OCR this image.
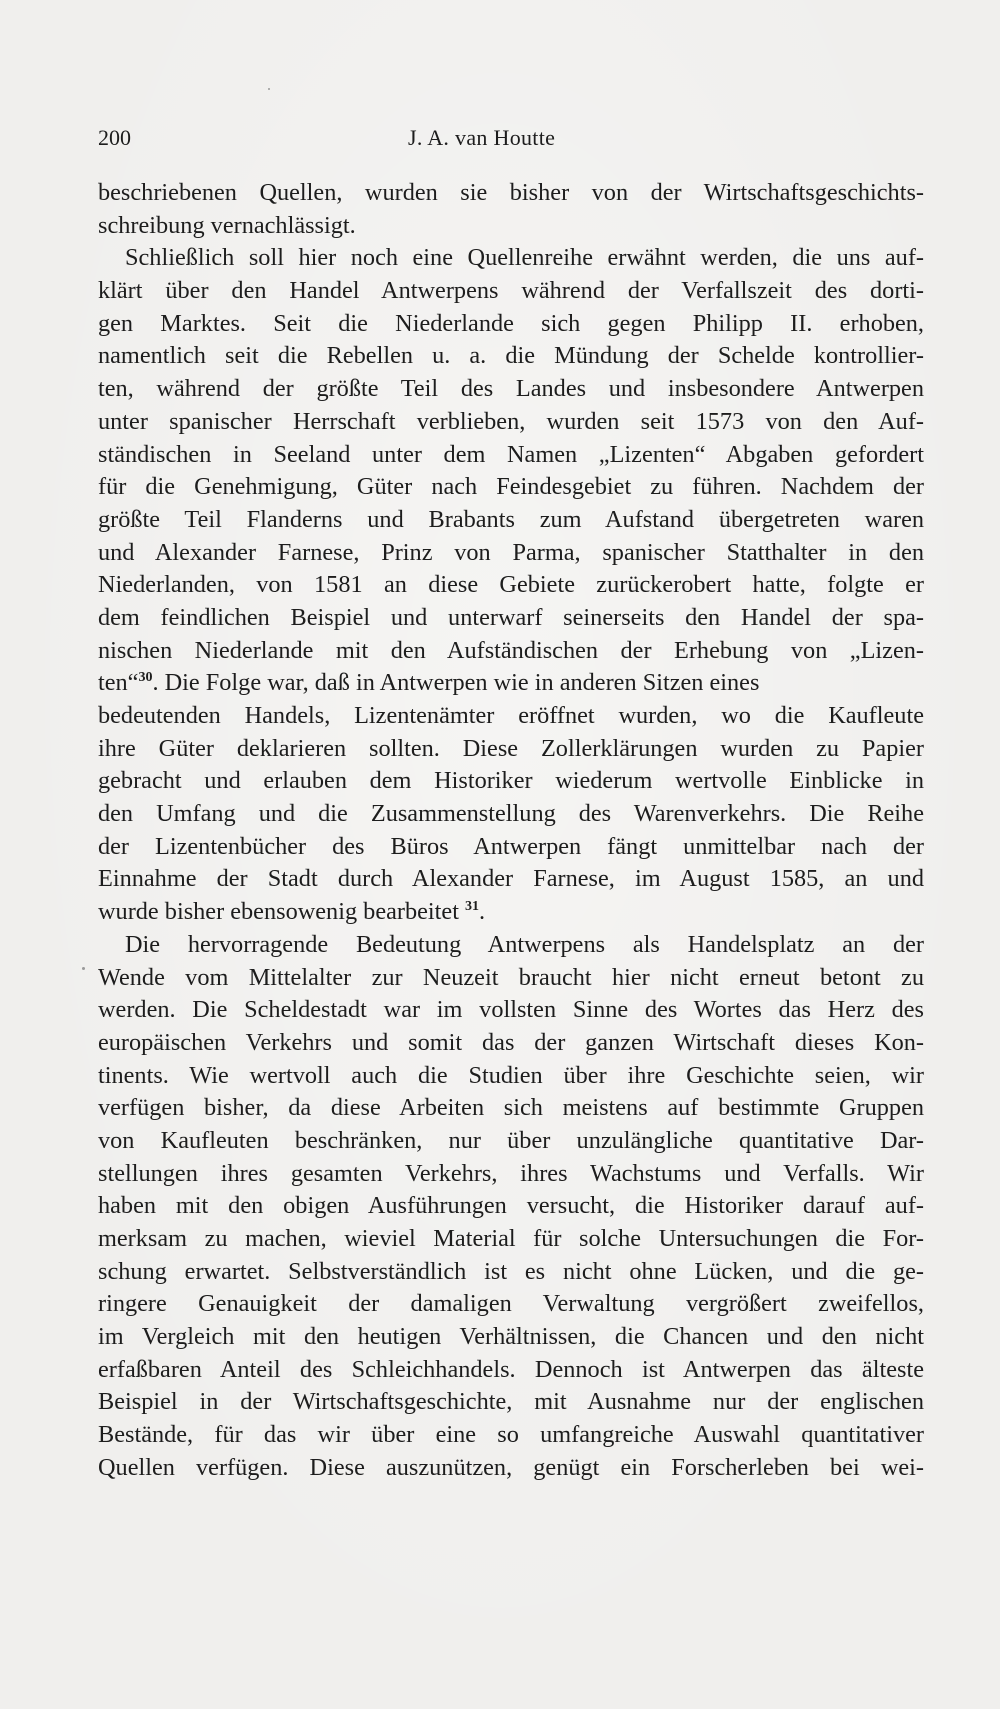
200	J. A. van Houtte
beschriebenen Quellen, wurden sie bisher von der Wirtschaftsgeschichts-
schreibung vernachlässigt.
Schließlich soll hier noch eine Quellenreihe erwähnt werden, die uns auf-
klärt über den Handel Antwerpens während der Verfallszeit des dorti-
gen Marktes. Seit die Niederlande sich gegen Philipp II. erhoben,
namentlich seit die Rebellen u. a. die Mündung der Schelde kontrollier-
ten, während der größte Teil des Landes und insbesondere Antwerpen
unter spanischer Herrschaft verblieben, wurden seit 1573 von den Auf-
ständischen in Seeland unter dem Namen „Lizenten“ Abgaben gefordert
für die Genehmigung, Güter nach Feindesgebiet zu führen. Nachdem der
größte Teil Flanderns und Brabants zum Aufstand übergetreten waren
und Alexander Farnese, Prinz von Parma, spanischer Statthalter in den
Niederlanden, von 1581 an diese Gebiete zurückerobert hatte, folgte er
dem feindlichen Beispiel und unterwarf seinerseits den Handel der spa-
nischen Niederlande mit den Aufständischen der Erhebung von „Lizen-
ten“$^{30}$. Die Folge war, daß in Antwerpen wie in anderen Sitzen eines
bedeutenden Handels, Lizentenämter eröffnet wurden, wo die Kaufleute
ihre Güter deklarieren sollten. Diese Zollerklärungen wurden zu Papier
gebracht und erlauben dem Historiker wiederum wertvolle Einblicke in
den Umfang und die Zusammenstellung des Warenverkehrs. Die Reihe
der Lizentenbücher des Büros Antwerpen fängt unmittelbar nach der
Einnahme der Stadt durch Alexander Farnese, im August 1585, an und
wurde bisher ebensowenig bearbeitet $^{31}$.
Die hervorragende Bedeutung Antwerpens als Handelsplatz an der
Wende vom Mittelalter zur Neuzeit braucht hier nicht erneut betont zu
werden. Die Scheldestadt war im vollsten Sinne des Wortes das Herz des
europäischen Verkehrs und somit das der ganzen Wirtschaft dieses Kon-
tinents. Wie wertvoll auch die Studien über ihre Geschichte seien, wir
verfügen bisher, da diese Arbeiten sich meistens auf bestimmte Gruppen
von Kaufleuten beschränken, nur über unzulängliche quantitative Dar-
stellungen ihres gesamten Verkehrs, ihres Wachstums und Verfalls. Wir
haben mit den obigen Ausführungen versucht, die Historiker darauf auf-
merksam zu machen, wieviel Material für solche Untersuchungen die For-
schung erwartet. Selbstverständlich ist es nicht ohne Lücken, und die ge-
ringere Genauigkeit der damaligen Verwaltung vergrößert zweifellos,
im Vergleich mit den heutigen Verhältnissen, die Chancen und den nicht
erfaßbaren Anteil des Schleichhandels. Dennoch ist Antwerpen das älteste
Beispiel in der Wirtschaftsgeschichte, mit Ausnahme nur der englischen
Bestände, für das wir über eine so umfangreiche Auswahl quantitativer
Quellen verfügen. Diese auszunützen, genügt ein Forscherleben bei wei-
